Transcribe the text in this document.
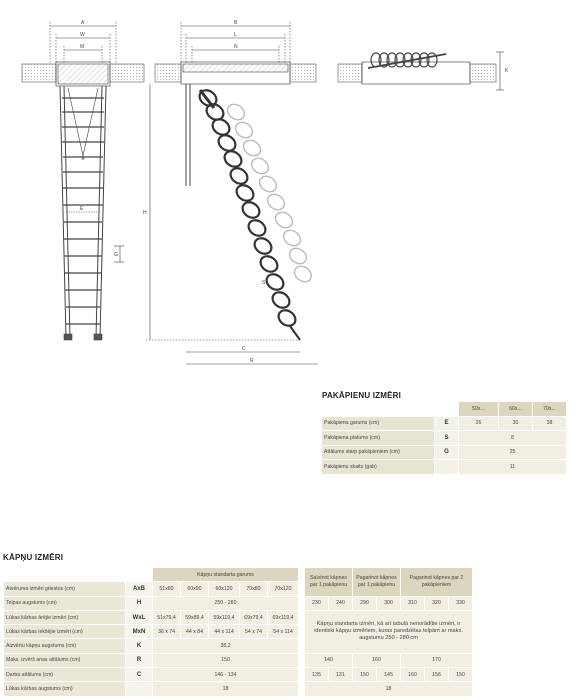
A
W
M
E
G
B
L
N
H
S
C
R
K
PAKĀPIENU IZMĒRI
		50x...	60x...	70x...
Pakāpiena garums (cm)	E	26	30	38
Pakāpiena platums (cm)	S	8		
Attālums starp pakāpieniem (cm)	G	25		
Pakāpienu skaits (gab)		11		
KĀPŅU IZMĒRI
		Kāpņu standarta garums						Saīsinot kāpnes par 1 pakāpienu		Pagarinot kāpnes par 1 pakāpienu		Pagarinot kāpnes par 2 pakāpieniem		
Atvēruma izmēri griestos (cm)	AxB	51x80	60x90	60x120	70x80	70x120								
Telpas augstums (cm)	H	250 - 280						230	240	290	300	310	320	330
Lūkas kārbas ārējie izmēri (cm)	WxL	51x79,4	59x89,4	59x119,4	69x79,4	69x119,4		Kāpņu standarta izmēri, kā arī tabulā nenorādītie izmēri, ir identiski kāpņu izmēriem, kuras paredzētas telpām ar maks. augstumu 250 - 280 cm						
Lūkas kārbas iekšējie izmēri (cm)	MxN	36 x 74	44 x 84	44 x 114	54 x 74	54 x 114								
Aizvērtu kāpņu augstums (cm)	K	38,2												
Maks. izvērš anas attālums (cm)	R	150						140		160		170		
Darba attālums (cm)	C	146 - 134						135	131	150	145	160	156	150
Lūkas kārbas augstums (cm)		18						18						
